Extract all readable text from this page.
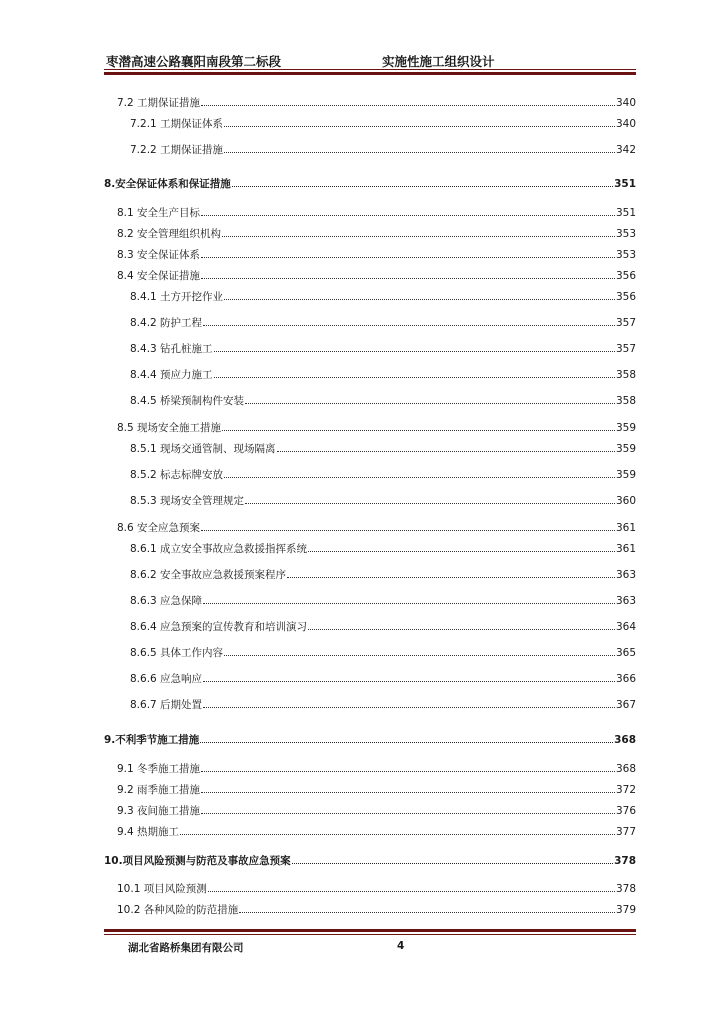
枣潜高速公路襄阳南段第二标段	实施性施工组织设计
7.2 工期保证措施	340
7.2.1 工期保证体系	340
7.2.2 工期保证措施	342
8.安全保证体系和保证措施	351
8.1 安全生产目标	351
8.2 安全管理组织机构	353
8.3 安全保证体系	353
8.4 安全保证措施	356
8.4.1 土方开挖作业	356
8.4.2 防护工程	357
8.4.3 钻孔桩施工	357
8.4.4 预应力施工	358
8.4.5 桥梁预制构件安装	358
8.5 现场安全施工措施	359
8.5.1 现场交通管制、现场隔离	359
8.5.2 标志标牌安放	359
8.5.3 现场安全管理规定	360
8.6 安全应急预案	361
8.6.1 成立安全事故应急救援指挥系统	361
8.6.2 安全事故应急救援预案程序	363
8.6.3 应急保障	363
8.6.4 应急预案的宣传教育和培训演习	364
8.6.5 具体工作内容	365
8.6.6 应急响应	366
8.6.7 后期处置	367
9.不利季节施工措施	368
9.1 冬季施工措施	368
9.2 雨季施工措施	372
9.3 夜间施工措施	376
9.4 热期施工	377
10.项目风险预测与防范及事故应急预案	378
10.1 项目风险预测	378
10.2 各种风险的防范措施	379
湖北省路桥集团有限公司	4
